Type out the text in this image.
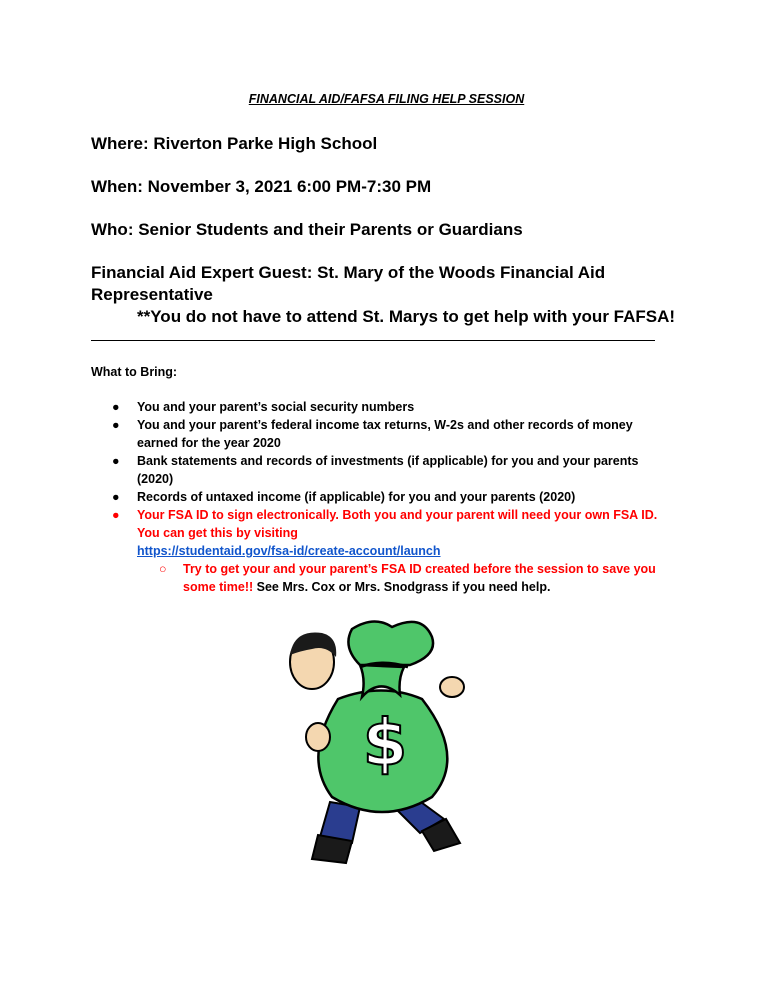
FINANCIAL AID/FAFSA FILING HELP SESSION
Where: Riverton Parke High School
When: November 3, 2021 6:00 PM-7:30 PM
Who: Senior Students and their Parents or Guardians
Financial Aid Expert Guest: St. Mary of the Woods Financial Aid
Representative
**You do not have to attend St. Marys to get help with your FAFSA!
What to Bring:
● You and your parent’s social security numbers
● You and your parent’s federal income tax returns, W-2s and other records of money earned for the year 2020
● Bank statements and records of investments (if applicable) for you and your parents (2020)
● Records of untaxed income (if applicable) for you and your parents (2020)
● Your FSA ID to sign electronically. Both you and your parent will need your own FSA ID. You can get this by visiting
https://studentaid.gov/fsa-id/create-account/launch
○ Try to get your and your parent’s FSA ID created before the session to save you some time!! See Mrs. Cox or Mrs. Snodgrass if you need help.
$
